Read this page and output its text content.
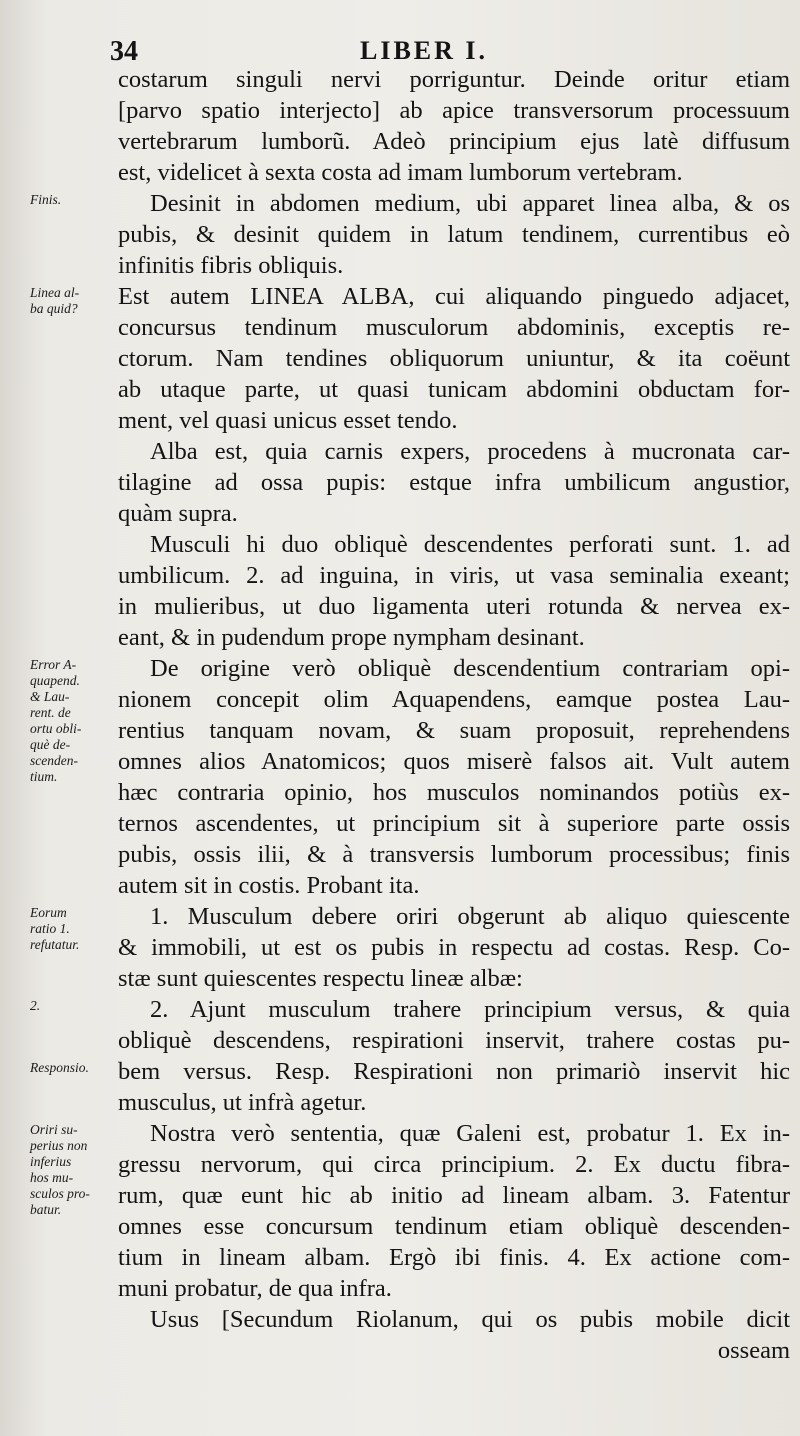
34	LIBER I.
costarum singuli nervi porriguntur. Deinde oritur etiam
[parvo spatio interjecto] ab apice transversorum processuum
vertebrarum lumborũ. Adeò principium ejus latè diffusum
est, videlicet à sexta costa ad imam lumborum vertebram.
Desinit in abdomen medium, ubi apparet linea alba, & os
pubis, & desinit quidem in latum tendinem, currentibus eò
infinitis fibris obliquis.
Est autem LINEA ALBA, cui aliquando pinguedo adjacet,
concursus tendinum musculorum abdominis, exceptis re-
ctorum. Nam tendines obliquorum uniuntur, & ita coëunt
ab utaque parte, ut quasi tunicam abdomini obductam for-
ment, vel quasi unicus esset tendo.
Alba est, quia carnis expers, procedens à mucronata car-
tilagine ad ossa pupis: estque infra umbilicum angustior,
quàm supra.
Musculi hi duo obliquè descendentes perforati sunt. 1. ad
umbilicum. 2. ad inguina, in viris, ut vasa seminalia exeant;
in mulieribus, ut duo ligamenta uteri rotunda & nervea ex-
eant, & in pudendum prope nympham desinant.
De origine verò obliquè descendentium contrariam opi-
nionem concepit olim Aquapendens, eamque postea Lau-
rentius tanquam novam, & suam proposuit, reprehendens
omnes alios Anatomicos; quos miserè falsos ait. Vult autem
hæc contraria opinio, hos musculos nominandos potiùs ex-
ternos ascendentes, ut principium sit à superiore parte ossis
pubis, ossis ilii, & à transversis lumborum processibus; finis
autem sit in costis. Probant ita.
1. Musculum debere oriri obgerunt ab aliquo quiescente
& immobili, ut est os pubis in respectu ad costas. Resp. Co-
stæ sunt quiescentes respectu lineæ albæ:
2. Ajunt musculum trahere principium versus, & quia
obliquè descendens, respirationi inservit, trahere costas pu-
bem versus. Resp. Respirationi non primariò inservit hic
musculus, ut infrà agetur.
Nostra verò sententia, quæ Galeni est, probatur 1. Ex in-
gressu nervorum, qui circa principium. 2. Ex ductu fibra-
rum, quæ eunt hic ab initio ad lineam albam. 3. Fatentur
omnes esse concursum tendinum etiam obliquè descenden-
tium in lineam albam. Ergò ibi finis. 4. Ex actione com-
muni probatur, de qua infra.
Usus [Secundum Riolanum, qui os pubis mobile dicit
osseam
Finis.
Linea al-
ba quid?
Error A-
quapend.
& Lau-
rent. de
ortu obli-
què de-
scenden-
tium.
Eorum
ratio 1.
refutatur.
2.
Responsio.
Oriri su-
perius non
inferius
hos mu-
sculos pro-
batur.
